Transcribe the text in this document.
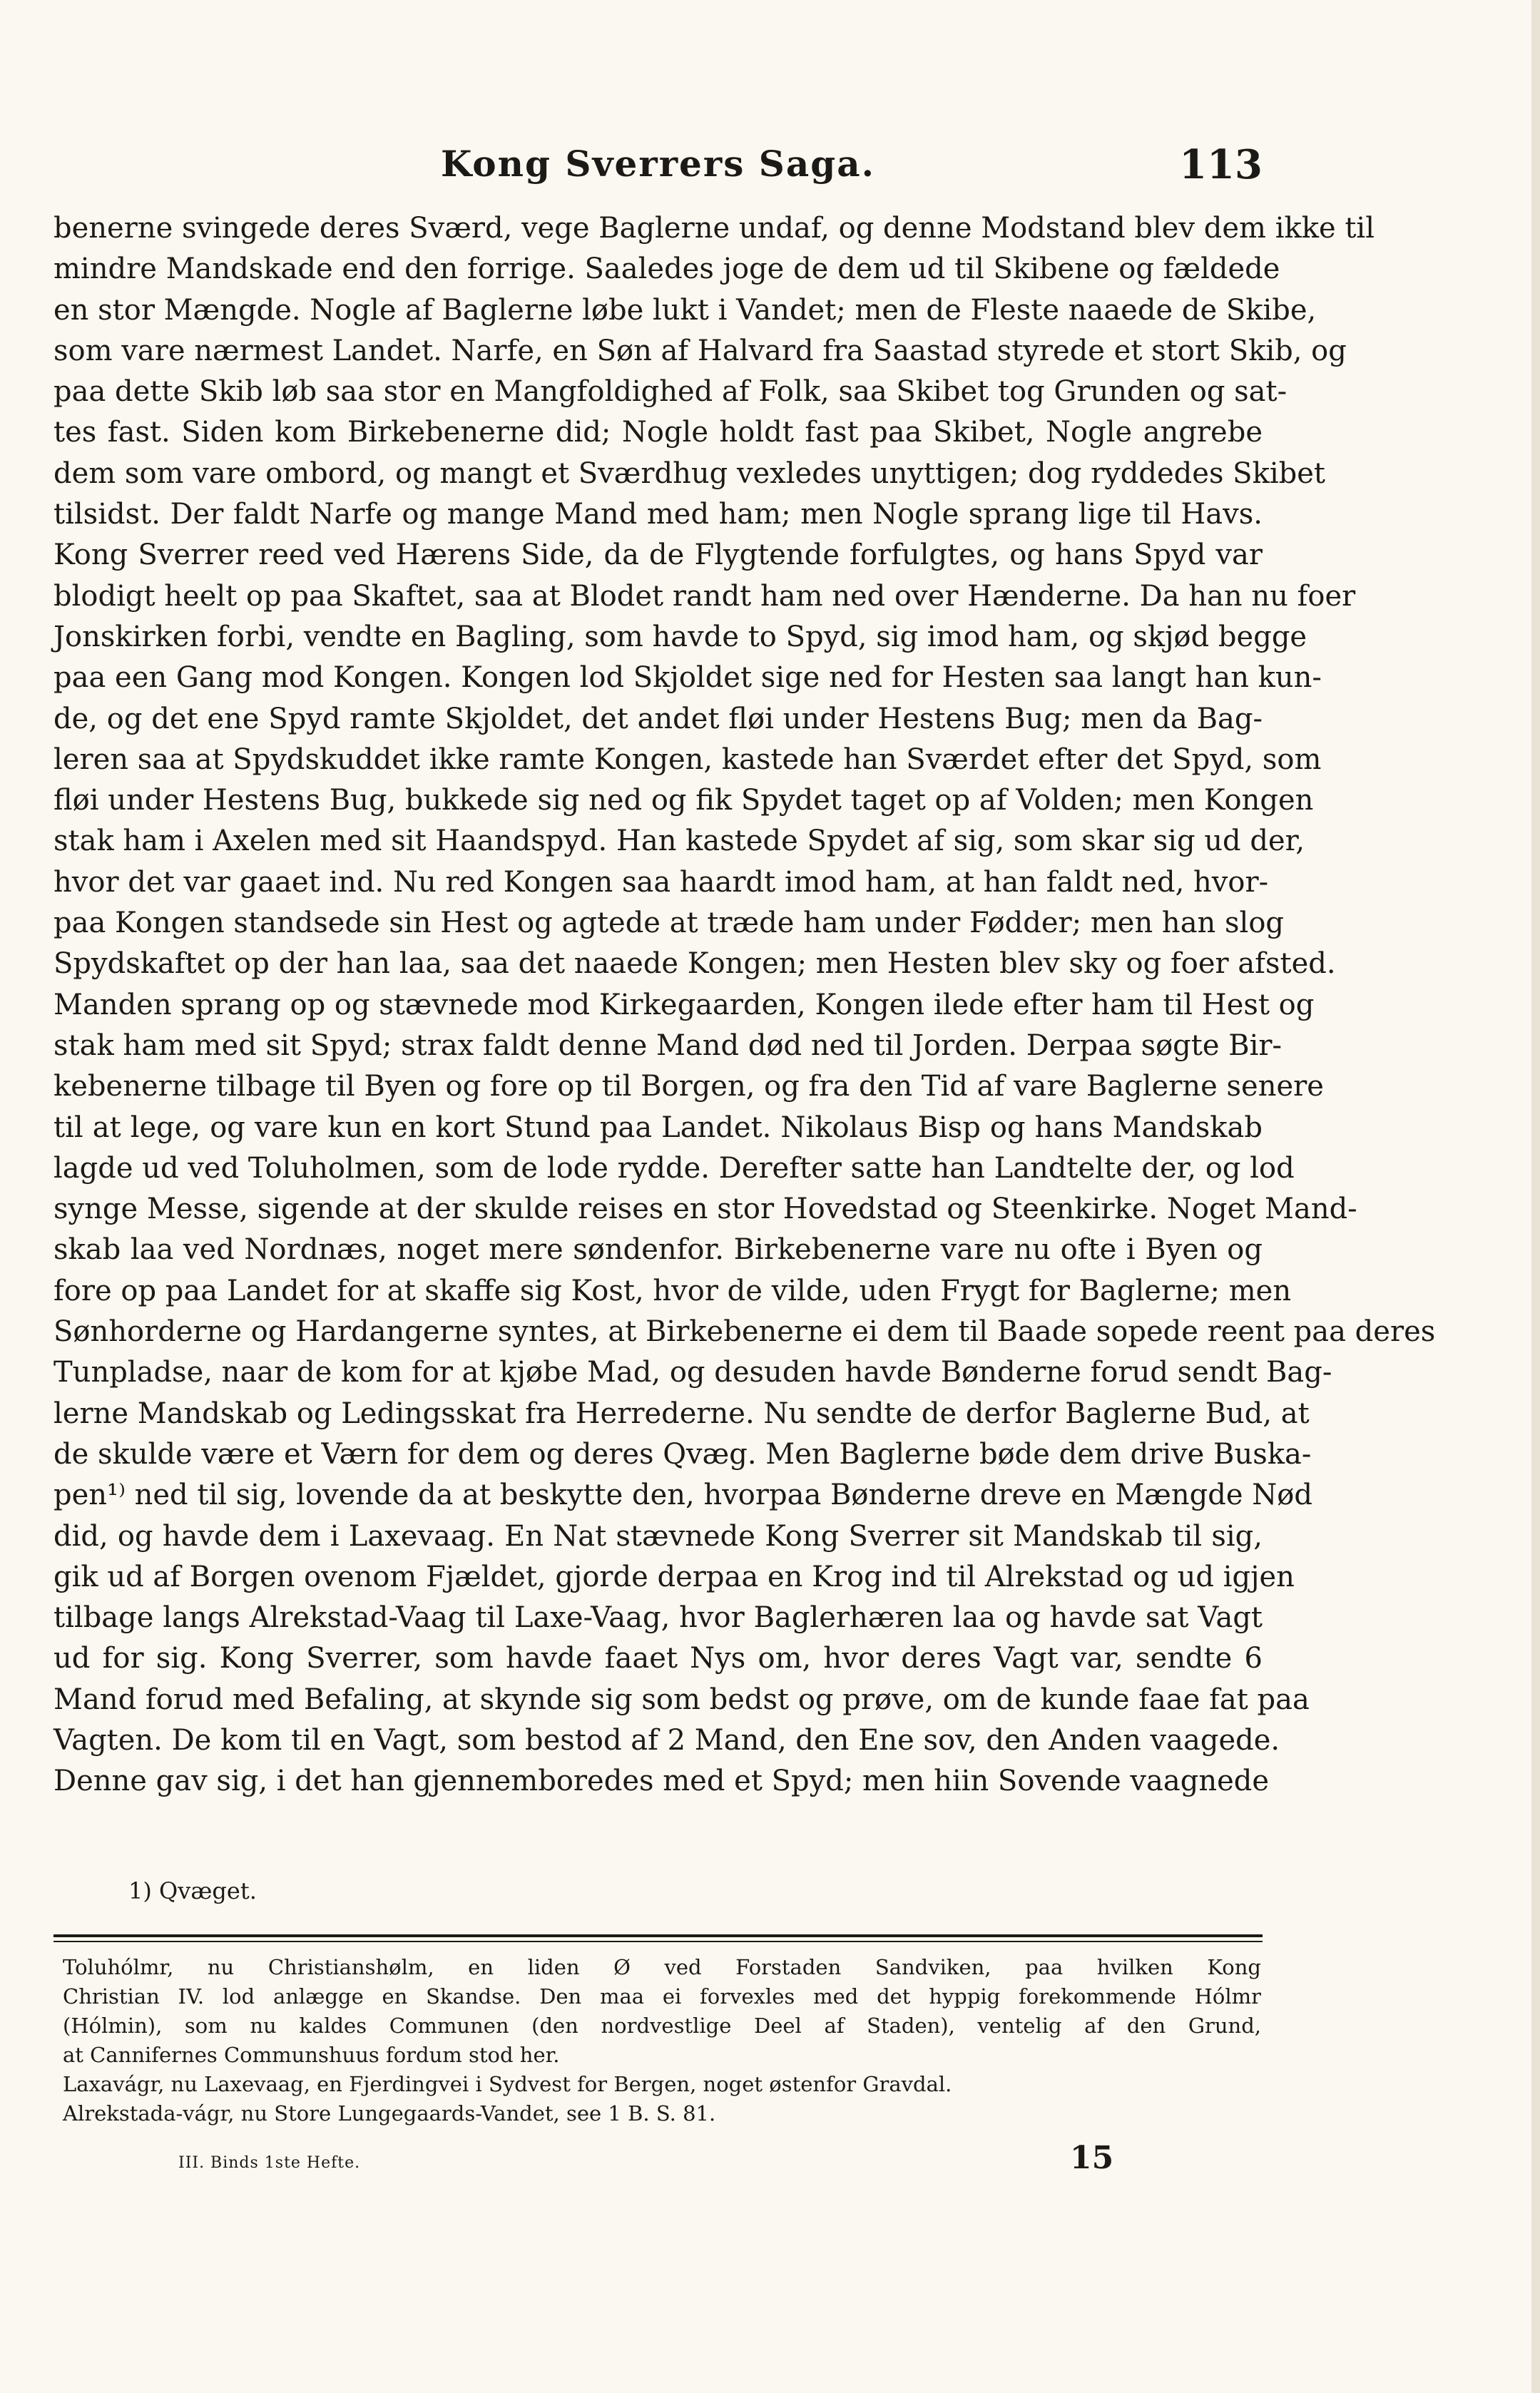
Kong Sverrers Saga.	113
benerne svingede deres Sværd, vege Baglerne undaf, og denne Modstand blev dem ikke til
mindre Mandskade end den forrige. Saaledes joge de dem ud til Skibene og fældede
en stor Mængde. Nogle af Baglerne løbe lukt i Vandet; men de Fleste naaede de Skibe,
som vare nærmest Landet. Narfe, en Søn af Halvard fra Saastad styrede et stort Skib, og
paa dette Skib løb saa stor en Mangfoldighed af Folk, saa Skibet tog Grunden og sat-
tes fast. Siden kom Birkebenerne did; Nogle holdt fast paa Skibet, Nogle angrebe
dem som vare ombord, og mangt et Sværdhug vexledes unyttigen; dog ryddedes Skibet
tilsidst. Der faldt Narfe og mange Mand med ham; men Nogle sprang lige til Havs.
Kong Sverrer reed ved Hærens Side, da de Flygtende forfulgtes, og hans Spyd var
blodigt heelt op paa Skaftet, saa at Blodet randt ham ned over Hænderne. Da han nu foer
Jonskirken forbi, vendte en Bagling, som havde to Spyd, sig imod ham, og skjød begge
paa een Gang mod Kongen. Kongen lod Skjoldet sige ned for Hesten saa langt han kun-
de, og det ene Spyd ramte Skjoldet, det andet fløi under Hestens Bug; men da Bag-
leren saa at Spydskuddet ikke ramte Kongen, kastede han Sværdet efter det Spyd, som
fløi under Hestens Bug, bukkede sig ned og fik Spydet taget op af Volden; men Kongen
stak ham i Axelen med sit Haandspyd. Han kastede Spydet af sig, som skar sig ud der,
hvor det var gaaet ind. Nu red Kongen saa haardt imod ham, at han faldt ned, hvor-
paa Kongen standsede sin Hest og agtede at træde ham under Fødder; men han slog
Spydskaftet op der han laa, saa det naaede Kongen; men Hesten blev sky og foer afsted.
Manden sprang op og stævnede mod Kirkegaarden, Kongen ilede efter ham til Hest og
stak ham med sit Spyd; strax faldt denne Mand død ned til Jorden. Derpaa søgte Bir-
kebenerne tilbage til Byen og fore op til Borgen, og fra den Tid af vare Baglerne senere
til at lege, og vare kun en kort Stund paa Landet. Nikolaus Bisp og hans Mandskab
lagde ud ved Toluholmen, som de lode rydde. Derefter satte han Landtelte der, og lod
synge Messe, sigende at der skulde reises en stor Hovedstad og Steenkirke. Noget Mand-
skab laa ved Nordnæs, noget mere søndenfor. Birkebenerne vare nu ofte i Byen og
fore op paa Landet for at skaffe sig Kost, hvor de vilde, uden Frygt for Baglerne; men
Sønhorderne og Hardangerne syntes, at Birkebenerne ei dem til Baade sopede reent paa deres
Tunpladse, naar de kom for at kjøbe Mad, og desuden havde Bønderne forud sendt Bag-
lerne Mandskab og Ledingsskat fra Herrederne. Nu sendte de derfor Baglerne Bud, at
de skulde være et Værn for dem og deres Qvæg. Men Baglerne bøde dem drive Buska-
pen¹⁾ ned til sig, lovende da at beskytte den, hvorpaa Bønderne dreve en Mængde Nød
did, og havde dem i Laxevaag. En Nat stævnede Kong Sverrer sit Mandskab til sig,
gik ud af Borgen ovenom Fjældet, gjorde derpaa en Krog ind til Alrekstad og ud igjen
tilbage langs Alrekstad-Vaag til Laxe-Vaag, hvor Baglerhæren laa og havde sat Vagt
ud for sig. Kong Sverrer, som havde faaet Nys om, hvor deres Vagt var, sendte 6
Mand forud med Befaling, at skynde sig som bedst og prøve, om de kunde faae fat paa
Vagten. De kom til en Vagt, som bestod af 2 Mand, den Ene sov, den Anden vaagede.
Denne gav sig, i det han gjennemboredes med et Spyd; men hiin Sovende vaagnede
1) Qvæget.
Toluhólmr, nu Christianshølm, en liden Ø ved Forstaden Sandviken, paa hvilken Kong
Christian IV. lod anlægge en Skandse. Den maa ei forvexles med det hyppig forekommende Hólmr
(Hólmin), som nu kaldes Communen (den nordvestlige Deel af Staden), ventelig af den Grund,
at Cannifernes Communshuus fordum stod her.
Laxavágr, nu Laxevaag, en Fjerdingvei i Sydvest for Bergen, noget østenfor Gravdal.
Alrekstada-vágr, nu Store Lungegaards-Vandet, see 1 B. S. 81.
III. Binds 1ste Hefte.	15
